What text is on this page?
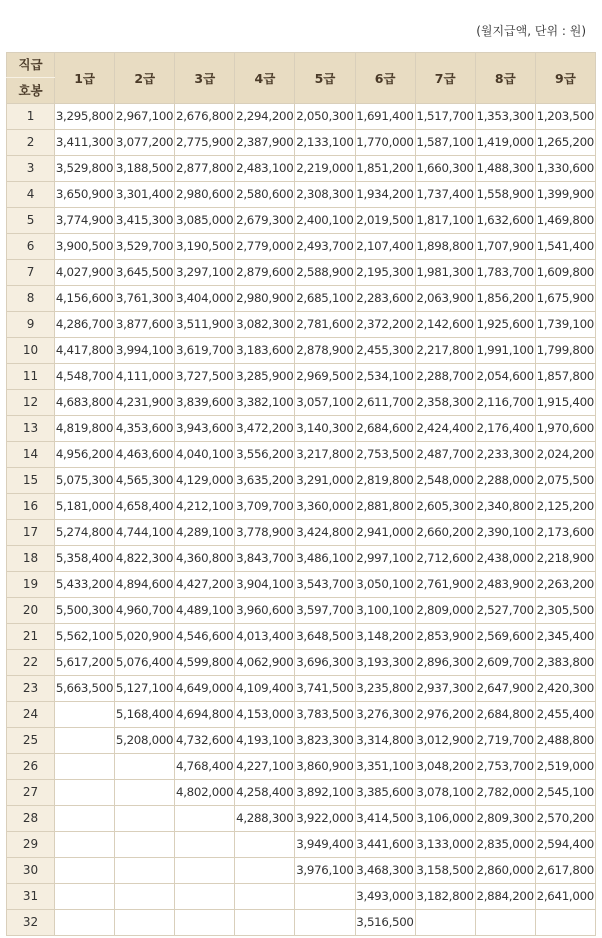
(월지급액, 단위 : 원)
직급	1급	2급	3급	4급	5급	6급	7급	8급	9급
호봉									
1	3,295,800	2,967,100	2,676,800	2,294,200	2,050,300	1,691,400	1,517,700	1,353,300	1,203,500
2	3,411,300	3,077,200	2,775,900	2,387,900	2,133,100	1,770,000	1,587,100	1,419,000	1,265,200
3	3,529,800	3,188,500	2,877,800	2,483,100	2,219,000	1,851,200	1,660,300	1,488,300	1,330,600
4	3,650,900	3,301,400	2,980,600	2,580,600	2,308,300	1,934,200	1,737,400	1,558,900	1,399,900
5	3,774,900	3,415,300	3,085,000	2,679,300	2,400,100	2,019,500	1,817,100	1,632,600	1,469,800
6	3,900,500	3,529,700	3,190,500	2,779,000	2,493,700	2,107,400	1,898,800	1,707,900	1,541,400
7	4,027,900	3,645,500	3,297,100	2,879,600	2,588,900	2,195,300	1,981,300	1,783,700	1,609,800
8	4,156,600	3,761,300	3,404,000	2,980,900	2,685,100	2,283,600	2,063,900	1,856,200	1,675,900
9	4,286,700	3,877,600	3,511,900	3,082,300	2,781,600	2,372,200	2,142,600	1,925,600	1,739,100
10	4,417,800	3,994,100	3,619,700	3,183,600	2,878,900	2,455,300	2,217,800	1,991,100	1,799,800
11	4,548,700	4,111,000	3,727,500	3,285,900	2,969,500	2,534,100	2,288,700	2,054,600	1,857,800
12	4,683,800	4,231,900	3,839,600	3,382,100	3,057,100	2,611,700	2,358,300	2,116,700	1,915,400
13	4,819,800	4,353,600	3,943,600	3,472,200	3,140,300	2,684,600	2,424,400	2,176,400	1,970,600
14	4,956,200	4,463,600	4,040,100	3,556,200	3,217,800	2,753,500	2,487,700	2,233,300	2,024,200
15	5,075,300	4,565,300	4,129,000	3,635,200	3,291,000	2,819,800	2,548,000	2,288,000	2,075,500
16	5,181,000	4,658,400	4,212,100	3,709,700	3,360,000	2,881,800	2,605,300	2,340,800	2,125,200
17	5,274,800	4,744,100	4,289,100	3,778,900	3,424,800	2,941,000	2,660,200	2,390,100	2,173,600
18	5,358,400	4,822,300	4,360,800	3,843,700	3,486,100	2,997,100	2,712,600	2,438,000	2,218,900
19	5,433,200	4,894,600	4,427,200	3,904,100	3,543,700	3,050,100	2,761,900	2,483,900	2,263,200
20	5,500,300	4,960,700	4,489,100	3,960,600	3,597,700	3,100,100	2,809,000	2,527,700	2,305,500
21	5,562,100	5,020,900	4,546,600	4,013,400	3,648,500	3,148,200	2,853,900	2,569,600	2,345,400
22	5,617,200	5,076,400	4,599,800	4,062,900	3,696,300	3,193,300	2,896,300	2,609,700	2,383,800
23	5,663,500	5,127,100	4,649,000	4,109,400	3,741,500	3,235,800	2,937,300	2,647,900	2,420,300
24		5,168,400	4,694,800	4,153,000	3,783,500	3,276,300	2,976,200	2,684,800	2,455,400
25		5,208,000	4,732,600	4,193,100	3,823,300	3,314,800	3,012,900	2,719,700	2,488,800
26			4,768,400	4,227,100	3,860,900	3,351,100	3,048,200	2,753,700	2,519,000
27			4,802,000	4,258,400	3,892,100	3,385,600	3,078,100	2,782,000	2,545,100
28				4,288,300	3,922,000	3,414,500	3,106,000	2,809,300	2,570,200
29					3,949,400	3,441,600	3,133,000	2,835,000	2,594,400
30					3,976,100	3,468,300	3,158,500	2,860,000	2,617,800
31						3,493,000	3,182,800	2,884,200	2,641,000
32						3,516,500			
